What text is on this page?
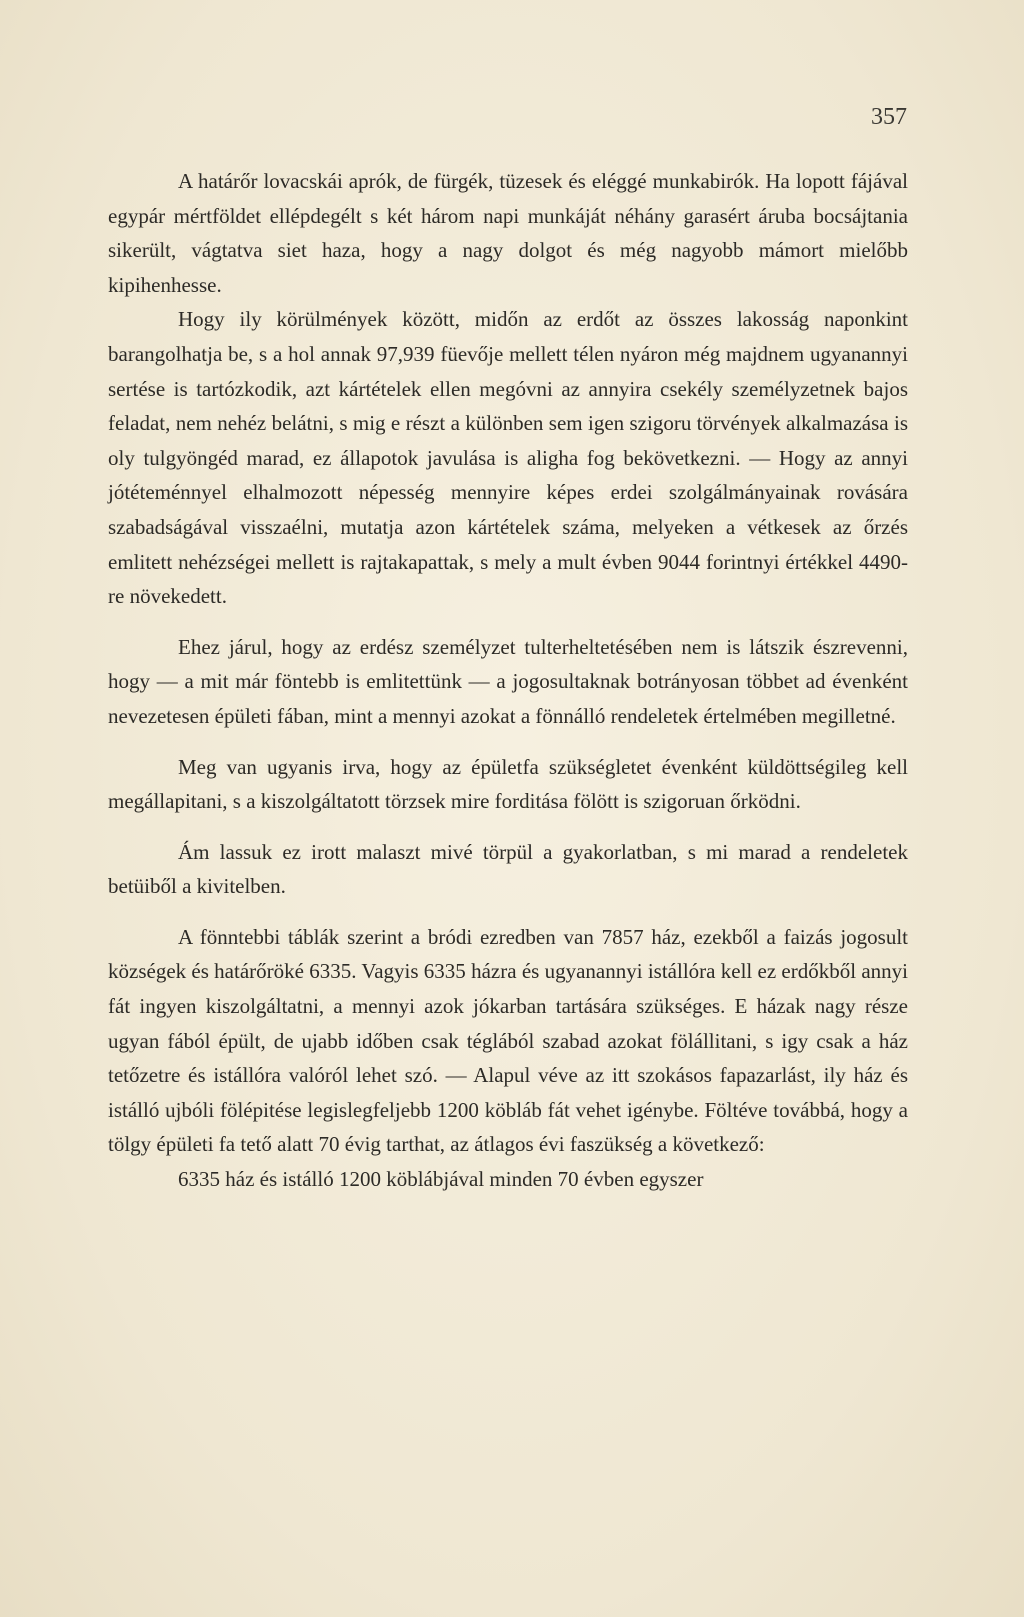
357

A határőr lovacskái aprók, de fürgék, tüzesek és eléggé munkabirók. Ha lopott fájával egypár mértföldet ellépdegélt s két három napi munkáját néhány garasért áruba bocsájtania sikerült, vágtatva siet haza, hogy a nagy dolgot és még nagyobb mámort mielőbb kipihenhesse.

Hogy ily körülmények között, midőn az erdőt az összes lakosság naponkint barangolhatja be, s a hol annak 97,939 füevője mellett télen nyáron még majdnem ugyanannyi sertése is tartózkodik, azt kártételek ellen megóvni az annyira csekély személyzetnek bajos feladat, nem nehéz belátni, s mig e részt a különben sem igen szigoru törvények alkalmazása is oly tulgyöngéd marad, ez állapotok javulása is aligha fog bekövetkezni. — Hogy az annyi jótéteménnyel elhalmozott népesség mennyire képes erdei szolgálmányainak rovására szabadságával visszaélni, mutatja azon kártételek száma, melyeken a vétkesek az őrzés emlitett nehézségei mellett is rajtakapattak, s mely a mult évben 9044 forintnyi értékkel 4490-re növekedett.

Ehez járul, hogy az erdész személyzet tulterheltetésében nem is látszik észrevenni, hogy — a mit már föntebb is emlitettünk — a jogosultaknak botrányosan többet ad évenként nevezetesen épületi fában, mint a mennyi azokat a fönnálló rendeletek értelmében megilletné.

Meg van ugyanis irva, hogy az épületfa szükségletet évenként küldöttségileg kell megállapitani, s a kiszolgáltatott törzsek mire forditása fölött is szigoruan őrködni.

Ám lassuk ez irott malaszt mivé törpül a gyakorlatban, s mi marad a rendeletek betüiből a kivitelben.

A fönntebbi táblák szerint a bródi ezredben van 7857 ház, ezekből a faizás jogosult községek és határőröké 6335. Vagyis 6335 házra és ugyanannyi istállóra kell ez erdőkből annyi fát ingyen kiszolgáltatni, a mennyi azok jókarban tartására szükséges. E házak nagy része ugyan fából épült, de ujabb időben csak téglából szabad azokat fölállitani, s igy csak a ház tetőzetre és istállóra valóról lehet szó. — Alapul véve az itt szokásos fapazarlást, ily ház és istálló ujbóli fölépitése legislegfeljebb 1200 köbláb fát vehet igénybe. Föltéve továbbá, hogy a tölgy épületi fa tető alatt 70 évig tarthat, az átlagos évi faszükség a következő:

6335 ház és istálló 1200 köblábjával minden 70 évben egyszer
